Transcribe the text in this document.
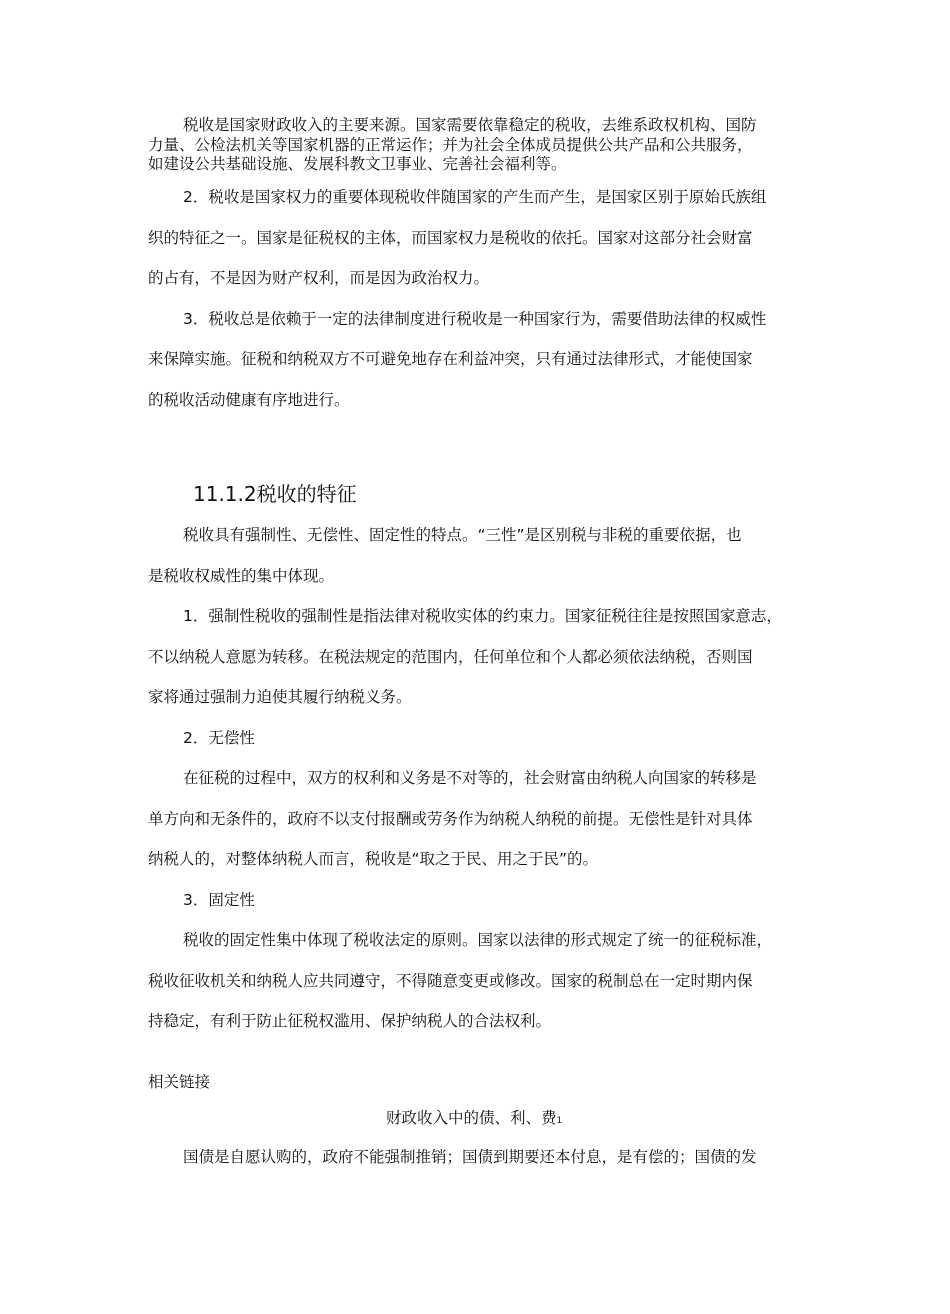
税收是国家财政收入的主要来源。国家需要依靠稳定的税收，去维系政权机构、国防

力量、公检法机关等国家机器的正常运作；并为社会全体成员提供公共产品和公共服务，

如建设公共基础设施、发展科教文卫事业、完善社会福利等。

2．税收是国家权力的重要体现税收伴随国家的产生而产生，是国家区别于原始氏族组

织的特征之一。国家是征税权的主体，而国家权力是税收的依托。国家对这部分社会财富

的占有，不是因为财产权利，而是因为政治权力。

3．税收总是依赖于一定的法律制度进行税收是一种国家行为，需要借助法律的权威性

来保障实施。征税和纳税双方不可避免地存在利益冲突，只有通过法律形式，才能使国家

的税收活动健康有序地进行。

11.1.2税收的特征

税收具有强制性、无偿性、固定性的特点。“三性”是区别税与非税的重要依据，也

是税收权威性的集中体现。

1．强制性税收的强制性是指法律对税收实体的约束力。国家征税往往是按照国家意志，

不以纳税人意愿为转移。在税法规定的范围内，任何单位和个人都必须依法纳税，否则国

家将通过强制力迫使其履行纳税义务。

2．无偿性

在征税的过程中，双方的权利和义务是不对等的，社会财富由纳税人向国家的转移是

单方向和无条件的，政府不以支付报酬或劳务作为纳税人纳税的前提。无偿性是针对具体

纳税人的，对整体纳税人而言，税收是“取之于民、用之于民”的。

3．固定性

税收的固定性集中体现了税收法定的原则。国家以法律的形式规定了统一的征税标准，

税收征收机关和纳税人应共同遵守，不得随意变更或修改。国家的税制总在一定时期内保

持稳定，有利于防止征税权滥用、保护纳税人的合法权利。

相关链接

财政收入中的债、利、费1

国债是自愿认购的，政府不能强制推销；国债到期要还本付息，是有偿的；国债的发
